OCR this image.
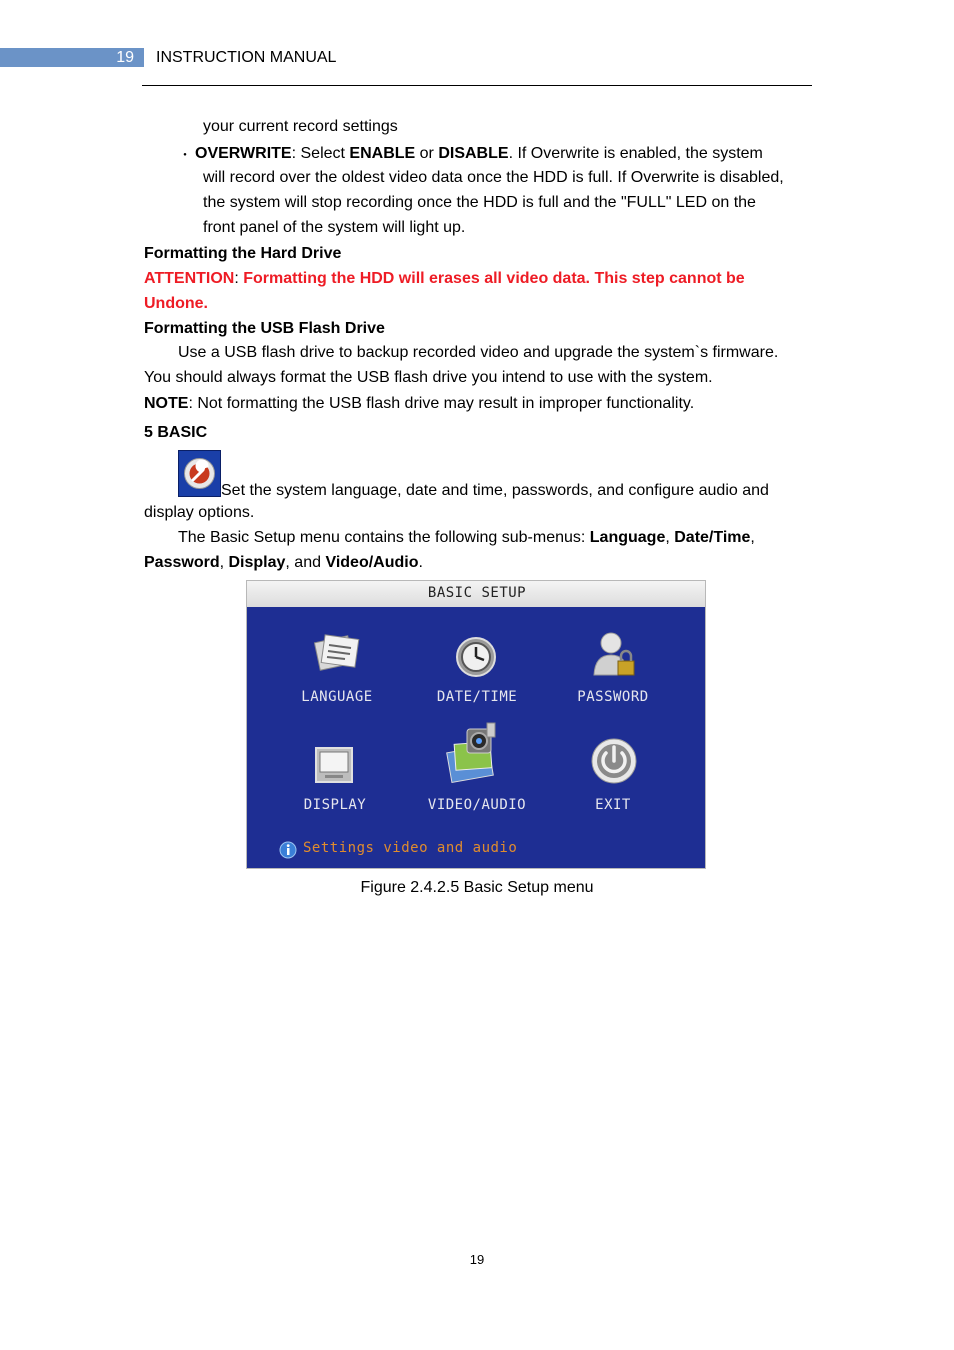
19 INSTRUCTION MANUAL
your current record settings
・ OVERWRITE: Select ENABLE or DISABLE. If Overwrite is enabled, the system
will record over the oldest video data once the HDD is full. If Overwrite is disabled,
the system will stop recording once the HDD is full and the "FULL" LED on the
front panel of the system will light up.
Formatting the Hard Drive
ATTENTION: Formatting the HDD will erases all video data. This step cannot be
Undone.
Formatting the USB Flash Drive
Use a USB flash drive to backup recorded video and upgrade the system`s firmware.
You should always format the USB flash drive you intend to use with the system.
NOTE: Not formatting the USB flash drive may result in improper functionality.
5 BASIC
Set the system language, date and time, passwords, and configure audio and
display options.
The Basic Setup menu contains the following sub-menus: Language, Date/Time,
Password, Display, and Video/Audio.
BASIC SETUP
LANGUAGE	DATE/TIME	PASSWORD
DISPLAY	VIDEO/AUDIO	EXIT
Settings video and audio
Figure 2.4.2.5 Basic Setup menu
19
